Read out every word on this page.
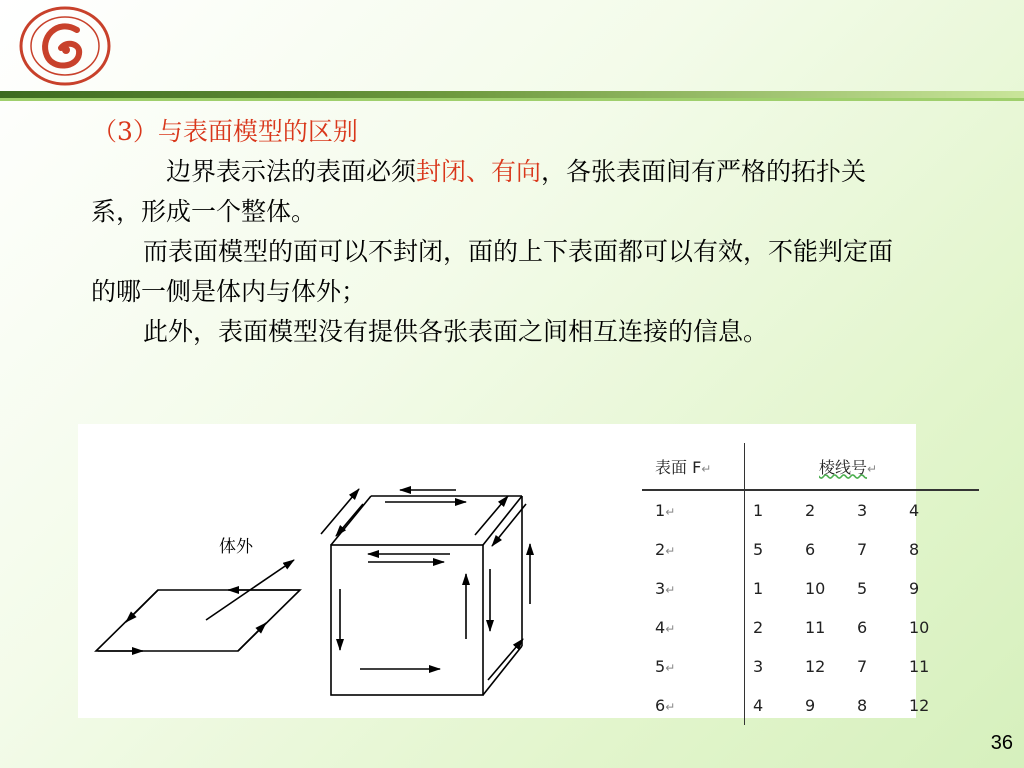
（3）与表面模型的区别

边界表示法的表面必须封闭、有向，各张表面间有严格的拓扑关系，形成一个整体。

而表面模型的面可以不封闭，面的上下表面都可以有效，不能判定面的哪一侧是体内与体外；

此外，表面模型没有提供各张表面之间相互连接的信息。

体外
表面 F↵	棱线号↵
1↵	1 2 3 4

2↵	5 6 7 8

3↵	1 10 5 9

4↵	2 11 6 10

5↵	3 12 7 11

6↵	4 9 8 12
36
